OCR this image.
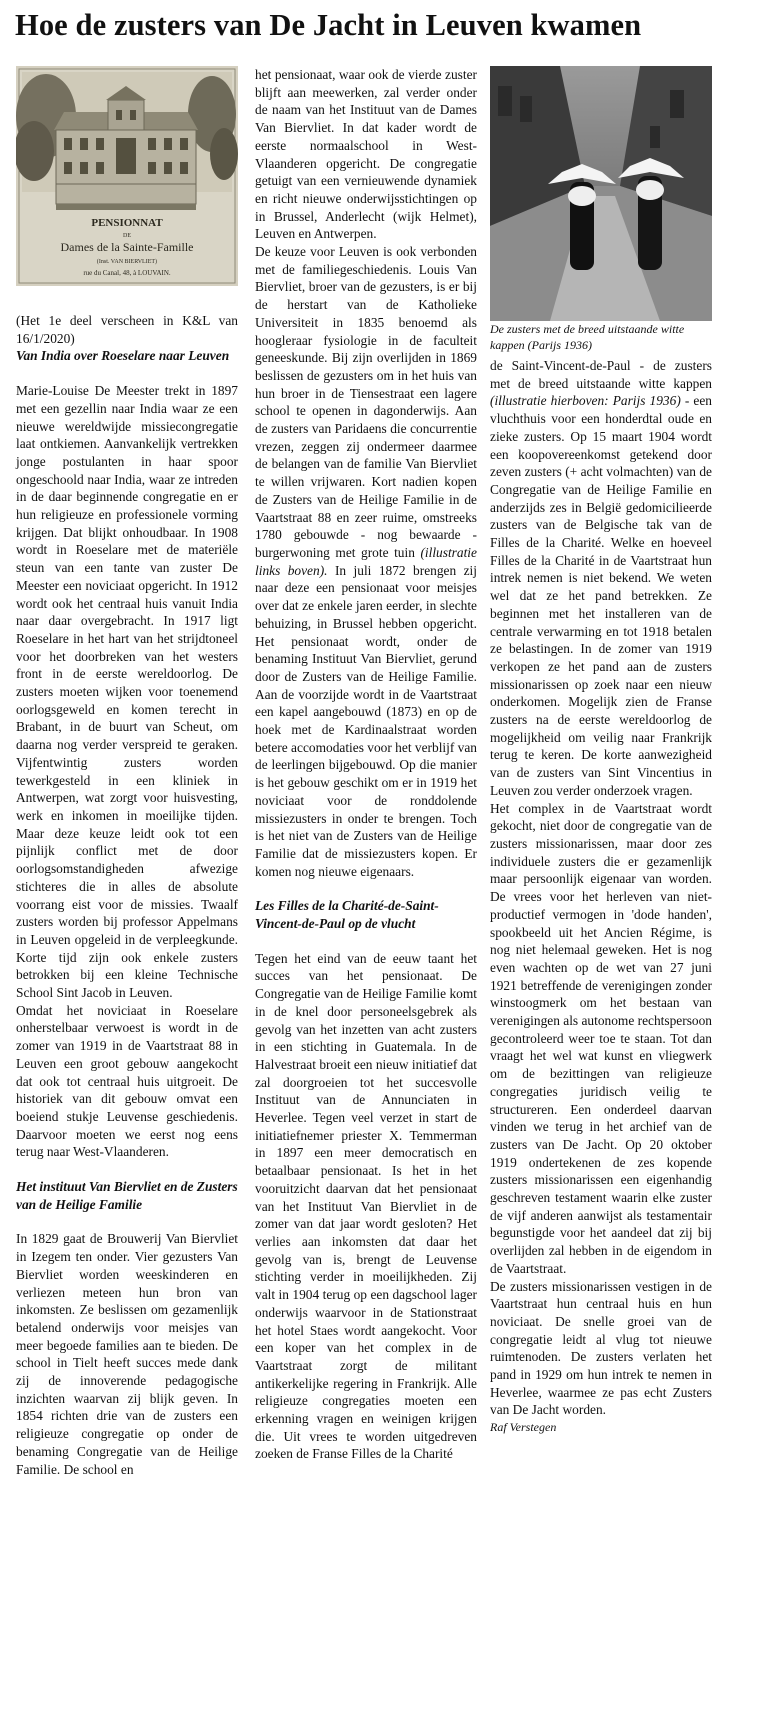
Hoe de zusters van De Jacht in Leuven kwamen
PENSIONNAT
DE
Dames de la Sainte-Famille
(Inst. VAN BIERVLIET)
rue du Canal, 48, à LOUVAIN.

(Het 1e deel verscheen in K&L van 16/1/2020)

Van India over Roeselare naar Leuven

Marie-Louise De Meester trekt in 1897 met een gezellin naar India waar ze een nieuwe wereldwijde missiecongregatie laat ontkiemen. Aanvankelijk vertrekken jonge postulanten in haar spoor ongeschoold naar India, waar ze intreden in de daar beginnende congregatie en er hun religieuze en professionele vorming krijgen. Dat blijkt onhoudbaar. In 1908 wordt in Roeselare met de materiële steun van een tante van zuster De Meester een noviciaat opgericht. In 1912 wordt ook het centraal huis vanuit India naar daar overgebracht. In 1917 ligt Roeselare in het hart van het strijdtoneel voor het doorbreken van het westers front in de eerste wereldoorlog. De zusters moeten wijken voor toenemend oorlogsgeweld en komen terecht in Brabant, in de buurt van Scheut, om daarna nog verder verspreid te geraken. Vijfentwintig zusters worden tewerkgesteld in een kliniek in Antwerpen, wat zorgt voor huisvesting, werk en inkomen in moeilijke tijden. Maar deze keuze leidt ook tot een pijnlijk conflict met de door oorlogsomstandigheden afwezige stichteres die in alles de absolute voorrang eist voor de missies. Twaalf zusters worden bij professor Appelmans in Leuven opgeleid in de verpleegkunde. Korte tijd zijn ook enkele zusters betrokken bij een kleine Technische School Sint Jacob in Leuven.

Omdat het noviciaat in Roeselare onherstelbaar verwoest is wordt in de zomer van 1919 in de Vaartstraat 88 in Leuven een groot gebouw aangekocht dat ook tot centraal huis uitgroeit. De historiek van dit gebouw omvat een boeiend stukje Leuvense geschiedenis. Daarvoor moeten we eerst nog eens terug naar West-Vlaanderen.

Het instituut Van Biervliet en de Zusters van de Heilige Familie

In 1829 gaat de Brouwerij Van Biervliet in Izegem ten onder. Vier gezusters Van Biervliet worden weeskinderen en verliezen meteen hun bron van inkomsten. Ze beslissen om gezamenlijk betalend onderwijs voor meisjes van meer begoede families aan te bieden. De school in Tielt heeft succes mede dank zij de innoverende pedagogische inzichten waarvan zij blijk geven. In 1854 richten drie van de zusters een religieuze congregatie op onder de benaming Congregatie van de Heilige Familie. De school en

het pensionaat, waar ook de vierde zuster blijft aan meewerken, zal verder onder de naam van het Instituut van de Dames Van Biervliet. In dat kader wordt de eerste normaalschool in West-Vlaanderen opgericht. De congregatie getuigt van een vernieuwende dynamiek en richt nieuwe onderwijsstichtingen op in Brussel, Anderlecht (wijk Helmet), Leuven en Antwerpen.

De keuze voor Leuven is ook verbonden met de familiegeschiedenis. Louis Van Biervliet, broer van de gezusters, is er bij de herstart van de Katholieke Universiteit in 1835 benoemd als hoogleraar fysiologie in de faculteit geneeskunde. Bij zijn overlijden in 1869 beslissen de gezusters om in het huis van hun broer in de Tiensestraat een lagere school te openen in dagonderwijs. Aan de zusters van Paridaens die concurrentie vrezen, zeggen zij ondermeer daarmee de belangen van de familie Van Biervliet te willen vrijwaren. Kort nadien kopen de Zusters van de Heilige Familie in de Vaartstraat 88 en zeer ruime, omstreeks 1780 gebouwde - nog bewaarde - burgerwoning met grote tuin (illustratie links boven). In juli 1872 brengen zij naar deze een pensionaat voor meisjes over dat ze enkele jaren eerder, in slechte behuizing, in Brussel hebben opgericht. Het pensionaat wordt, onder de benaming Instituut Van Biervliet, gerund door de Zusters van de Heilige Familie. Aan de voorzijde wordt in de Vaartstraat een kapel aangebouwd (1873) en op de hoek met de Kardinaalstraat worden betere accomodaties voor het verblijf van de leerlingen bijgebouwd. Op die manier is het gebouw geschikt om er in 1919 het noviciaat voor de ronddolende missiezusters in onder te brengen. Toch is het niet van de Zusters van de Heilige Familie dat de missiezusters kopen. Er komen nog nieuwe eigenaars.

Les Filles de la Charité-de-Saint-Vincent-de-Paul op de vlucht

Tegen het eind van de eeuw taant het succes van het pensionaat. De Congregatie van de Heilige Familie komt in de knel door personeelsgebrek als gevolg van het inzetten van acht zusters in een stichting in Guatemala. In de Halvestraat broeit een nieuw initiatief dat zal doorgroeien tot het succesvolle Instituut van de Annunciaten in Heverlee. Tegen veel verzet in start de initiatiefnemer priester X. Temmerman in 1897 een meer democratisch en betaalbaar pensionaat. Is het in het vooruitzicht daarvan dat het pensionaat van het Instituut Van Biervliet in de zomer van dat jaar wordt gesloten? Het verlies aan inkomsten dat daar het gevolg van is, brengt de Leuvense stichting verder in moeilijkheden. Zij valt in 1904 terug op een dagschool lager onderwijs waarvoor in de Stationstraat het hotel Staes wordt aangekocht. Voor een koper van het complex in de Vaartstraat zorgt de militant antikerkelijke regering in Frankrijk. Alle religieuze congregaties moeten een erkenning vragen en weinigen krijgen die. Uit vrees te worden uitgedreven zoeken de Franse Filles de la Charité

De zusters met de breed uitstaande witte kappen (Parijs 1936)

de Saint-Vincent-de-Paul - de zusters met de breed uitstaande witte kappen (illustratie hierboven: Parijs 1936) - een vluchthuis voor een honderdtal oude en zieke zusters. Op 15 maart 1904 wordt een koopovereenkomst getekend door zeven zusters (+ acht volmachten) van de Congregatie van de Heilige Familie en anderzijds zes in België gedomicilieerde zusters van de Belgische tak van de Filles de la Charité. Welke en hoeveel Filles de la Charité in de Vaartstraat hun intrek nemen is niet bekend. We weten wel dat ze het pand betrekken. Ze beginnen met het installeren van de centrale verwarming en tot 1918 betalen ze belastingen. In de zomer van 1919 verkopen ze het pand aan de zusters missionarissen op zoek naar een nieuw onderkomen. Mogelijk zien de Franse zusters na de eerste wereldoorlog de mogelijkheid om veilig naar Frankrijk terug te keren. De korte aanwezigheid van de zusters van Sint Vincentius in Leuven zou verder onderzoek vragen.

Het complex in de Vaartstraat wordt gekocht, niet door de congregatie van de zusters missionarissen, maar door zes individuele zusters die er gezamenlijk maar persoonlijk eigenaar van worden. De vrees voor het herleven van niet-productief vermogen in 'dode handen', spookbeeld uit het Ancien Régime, is nog niet helemaal geweken. Het is nog even wachten op de wet van 27 juni 1921 betreffende de verenigingen zonder winstoogmerk om het bestaan van verenigingen als autonome rechtspersoon gecontroleerd weer toe te staan. Tot dan vraagt het wel wat kunst en vliegwerk om de bezittingen van religieuze congregaties juridisch veilig te structureren. Een onderdeel daarvan vinden we terug in het archief van de zusters van De Jacht. Op 20 oktober 1919 ondertekenen de zes kopende zusters missionarissen een eigenhandig geschreven testament waarin elke zuster de vijf anderen aanwijst als testamentair begunstigde voor het aandeel dat zij bij overlijden zal hebben in de eigendom in de Vaartstraat.

De zusters missionarissen vestigen in de Vaartstraat hun centraal huis en hun noviciaat. De snelle groei van de congregatie leidt al vlug tot nieuwe ruimtenoden. De zusters verlaten het pand in 1929 om hun intrek te nemen in Heverlee, waarmee ze pas echt Zusters van De Jacht worden.

Raf Verstegen
